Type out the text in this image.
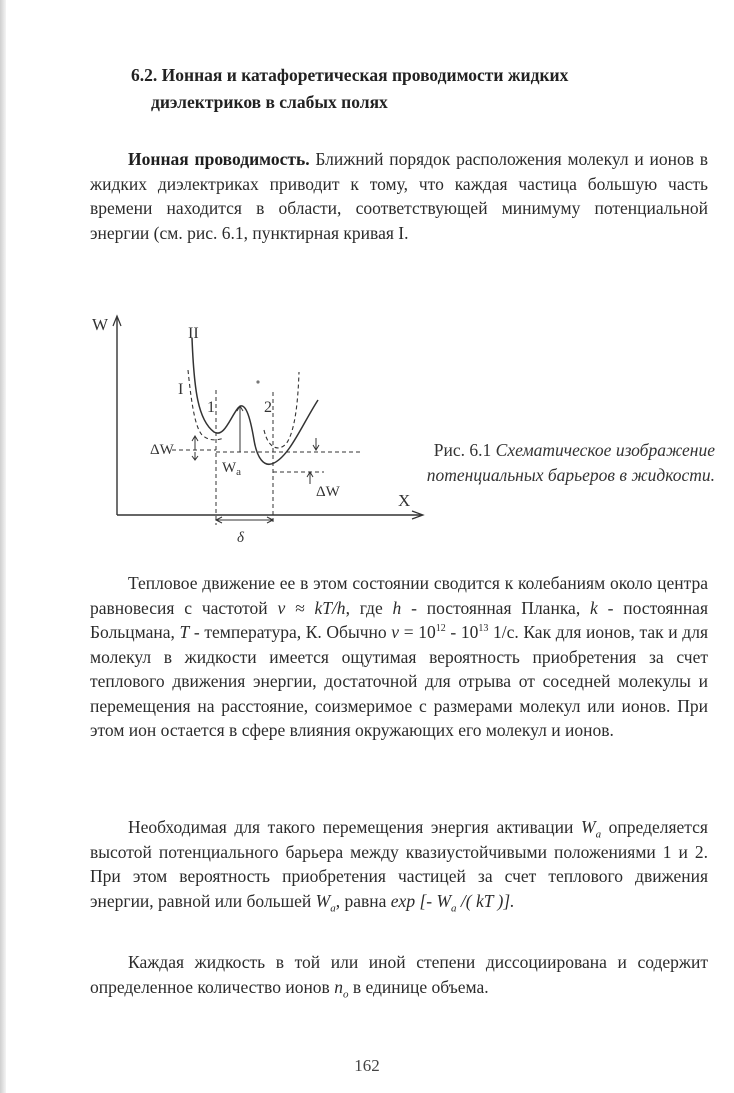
6.2. Ионная и катафоретическая проводимости жидких
диэлектриков в слабых полях
Ионная проводимость. Ближний порядок расположения молекул и ионов в жидких диэлектриках приводит к тому, что каждая частица большую часть времени находится в области, соответствующей минимуму потенциальной энергии (см. рис. 6.1, пунктирная кривая I.
W	II
I
1	2
ΔW
$W_a$
ΔW	X
δ
Рис. 6.1 Схематическое изображение потенциальных барьеров в жидкости.
Тепловое движение ее в этом состоянии сводится к колебаниям около центра равновесия с частотой ν ≈ kT/h, где h - постоянная Планка, k - постоянная Больцмана, T - температура, К. Обычно $\nu = 10^{12} - 10^{13}$ 1/с. Как для ионов, так и для молекул в жидкости имеется ощутимая вероятность приобретения за счет теплового движения энергии, достаточной для отрыва от соседней молекулы и перемещения на расстояние, соизмеримое с размерами молекул или ионов. При этом ион остается в сфере влияния окружающих его молекул и ионов.
Необходимая для такого перемещения энергия активации $W_a$ определяется высотой потенциального барьера между квазиустойчивыми положениями 1 и 2. При этом вероятность приобретения частицей за счет теплового движения энергии, равной или большей $W_a$, равна exp [- $W_a$ /( kT )].
Каждая жидкость в той или иной степени диссоциирована и содержит определенное количество ионов $n_o$ в единице объема.
162
